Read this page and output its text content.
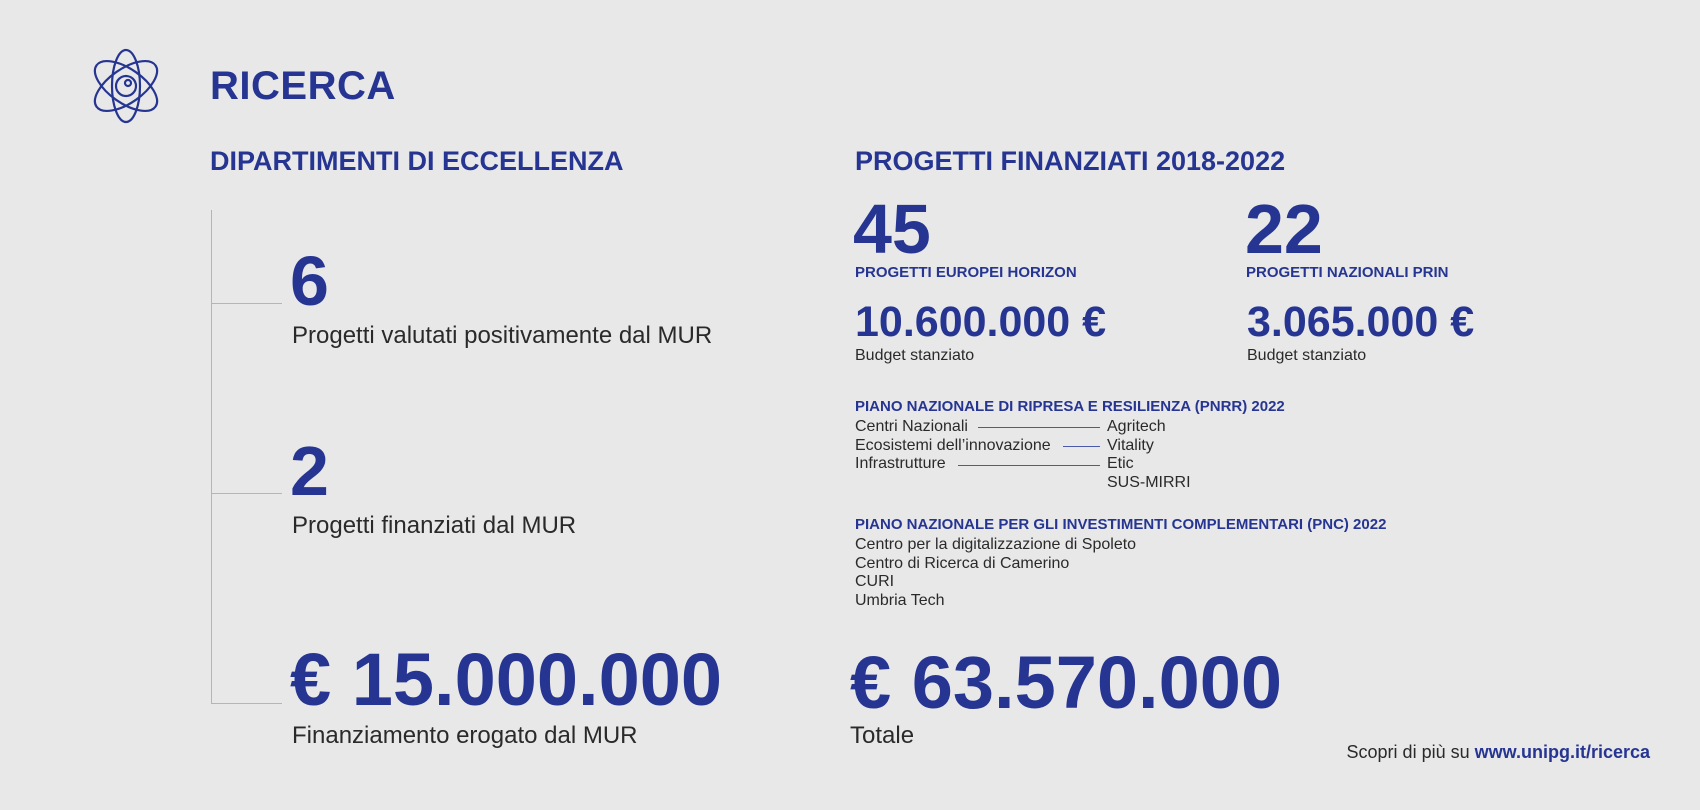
RICERCA
DIPARTIMENTI DI ECCELLENZA
6
Progetti valutati positivamente dal MUR
2
Progetti finanziati dal MUR
€ 15.000.000
Finanziamento erogato dal MUR
PROGETTI FINANZIATI 2018-2022
45
PROGETTI EUROPEI HORIZON
10.600.000 €
Budget stanziato
22
PROGETTI NAZIONALI PRIN
3.065.000 €
Budget stanziato
PIANO NAZIONALE DI RIPRESA E RESILIENZA (PNRR) 2022
Centri Nazionali
Ecosistemi dell’innovazione
Infrastrutture
Agritech
Vitality
Etic
SUS-MIRRI
PIANO NAZIONALE PER GLI INVESTIMENTI COMPLEMENTARI (PNC) 2022
Centro per la digitalizzazione di Spoleto
Centro di Ricerca di Camerino
CURI
Umbria Tech
€ 63.570.000
Totale
Scopri di più su www.unipg.it/ricerca
